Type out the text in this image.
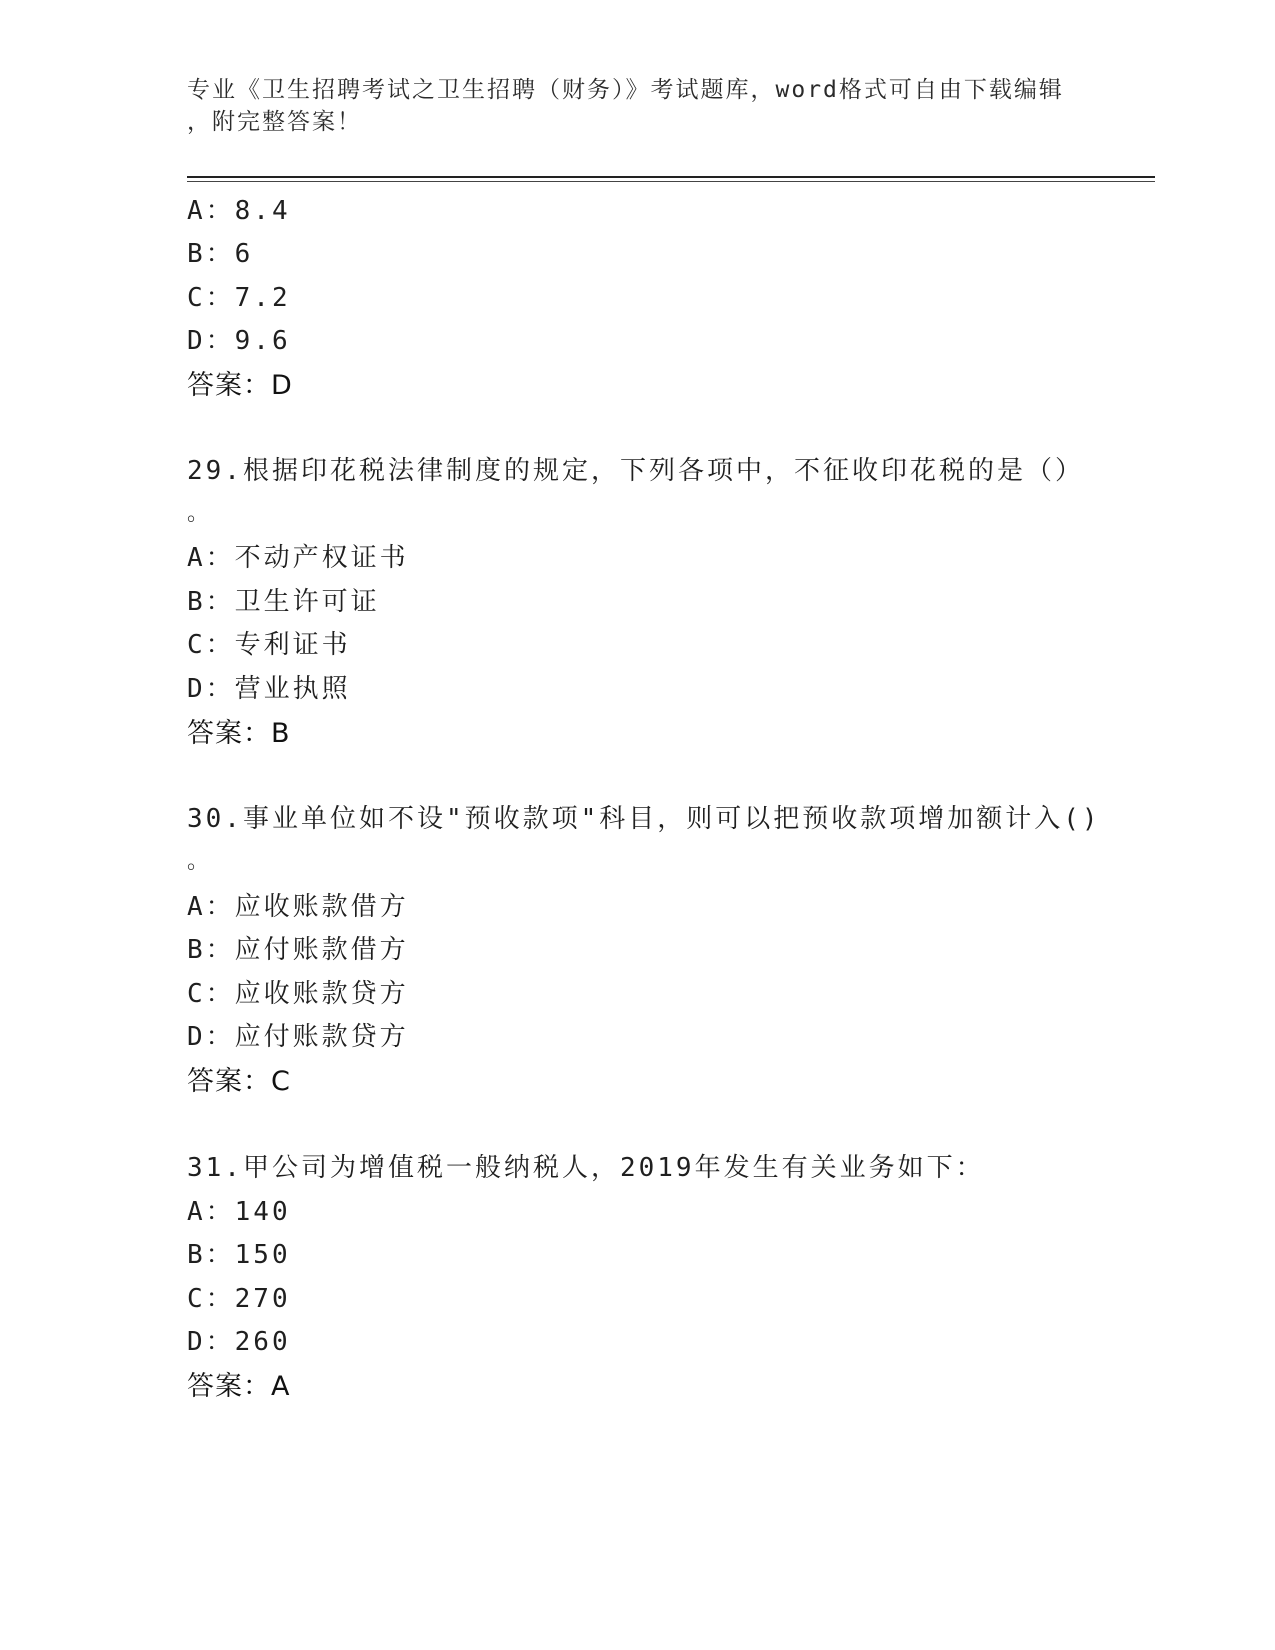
专业《卫生招聘考试之卫生招聘（财务）》考试题库，word格式可自由下载编辑
，附完整答案！
A：8.4
B：6
C：7.2
D：9.6
答案：D
29.根据印花税法律制度的规定，下列各项中，不征收印花税的是（）
。
A：不动产权证书
B：卫生许可证
C：专利证书
D：营业执照
答案：B
30.事业单位如不设"预收款项"科目，则可以把预收款项增加额计入()
。
A：应收账款借方
B：应付账款借方
C：应收账款贷方
D：应付账款贷方
答案：C
31.甲公司为增值税一般纳税人，2019年发生有关业务如下：
A：140
B：150
C：270
D：260
答案：A
